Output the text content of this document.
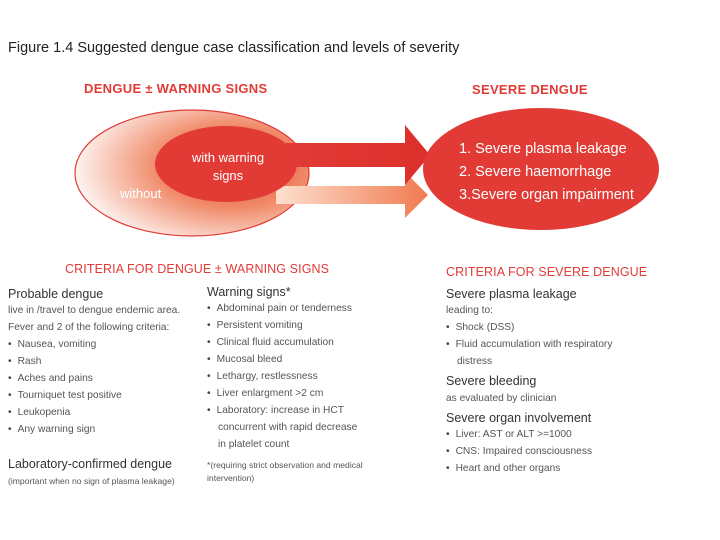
Figure 1.4 Suggested dengue case classification and levels of severity
DENGUE ± WARNING SIGNS	SEVERE DENGUE
with warning
signs
without
1. Severe plasma leakage
2. Severe haemorrhage
3.Severe organ impairment
CRITERIA FOR DENGUE ± WARNING SIGNS
Probable dengue
live in /travel to dengue endemic area.
Fever and 2 of the following criteria:
• Nausea, vomiting
• Rash
• Aches and pains
• Tourniquet test positive
• Leukopenia
• Any warning sign
Laboratory-confirmed dengue
(important when no sign of plasma leakage)
Warning signs*
• Abdominal pain or tenderness
• Persistent vomiting
• Clinical fluid accumulation
• Mucosal bleed
• Lethargy, restlessness
• Liver enlargment >2 cm
• Laboratory: increase in HCT
concurrent with rapid decrease
in platelet count
*(requiring strict observation and medical
intervention)
CRITERIA FOR SEVERE DENGUE
Severe plasma leakage
leading to:
• Shock (DSS)
• Fluid accumulation with respiratory
distress
Severe bleeding
as evaluated by clinician
Severe organ involvement
• Liver: AST or ALT >=1000
• CNS: Impaired consciousness
• Heart and other organs
